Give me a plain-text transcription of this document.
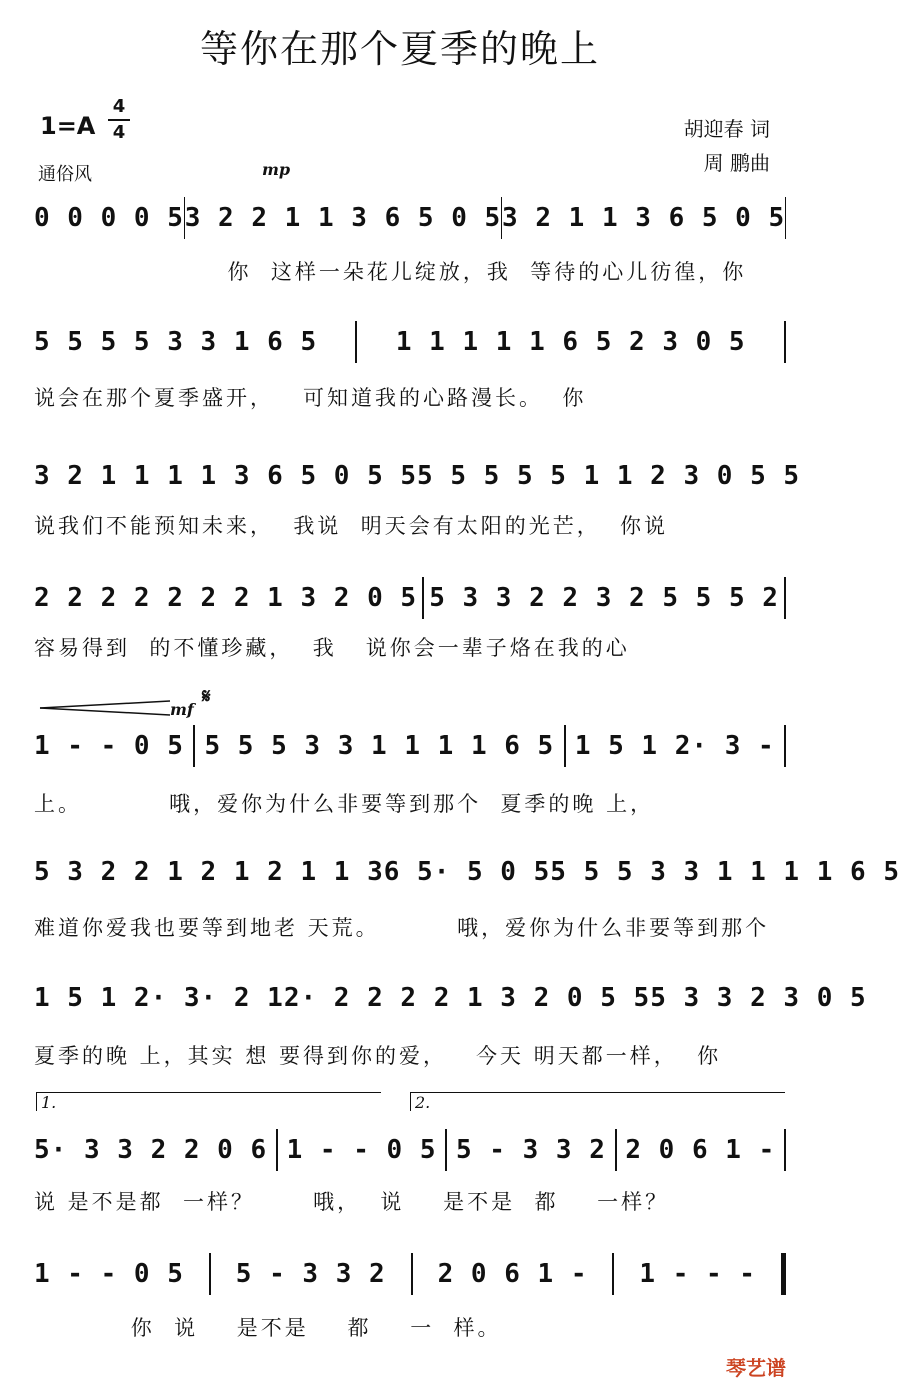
等你在那个夏季的晚上
1=A
4
4	胡迎春 词
周 鹏曲
通俗风	mp
0 0 0 0 5 3 2 2 1 1 3 6 5 0 5 3 2 1 1 3 6 5 0 5
你  这样一朵花儿绽放，我  等待的心儿彷徨，你
5 5 5 5 3 3 1 6 5	1 1 1 1 1 6 5 2 3 0 5
说会在那个夏季盛开，   可知道我的心路漫长。  你
3 2 1 1 1 1 3 6 5 0 5 5 5 5 5 5 5 1 1 2 3 0 5 5
说我们不能预知未来，  我说  明天会有太阳的光芒，  你说
2 2 2 2 2 2 2 1 3 2 0 5 5 3 3 2 2 3 2 5 5 5 2
容易得到  的不懂珍藏，  我   说你会一辈子烙在我的心
mf
𝄋
1 - - 0 5 5 5 5 3 3 1 1 1 1 6 5 1 5 1 2· 3 -
上。         哦，爱你为什么非要等到那个  夏季的晚 上，
5 3 2 2 1 2 1 2 1 1 3 6 5· 5 0 5 5 5 5 3 3 1 1 1 1 6 5
难道你爱我也要等到地老 天荒。        哦，爱你为什么非要等到那个
1 5 1 2· 3· 2 1 2· 2 2 2 2 1 3 2 0 5 5 5 3 3 2 3 0 5
夏季的晚 上，其实 想 要得到你的爱，   今天 明天都一样，  你
1.	2.
5· 3 3 2 2 0 6 1 - - 0 5 5 - 3 3 2 2 0 6 1 -
说 是不是都  一样？      哦，  说    是不是  都    一样？
1 - - 0 5 5 - 3 3 2 2 0 6 1 - 1 - - -
你  说    是不是    都    一  样。
琴艺谱
